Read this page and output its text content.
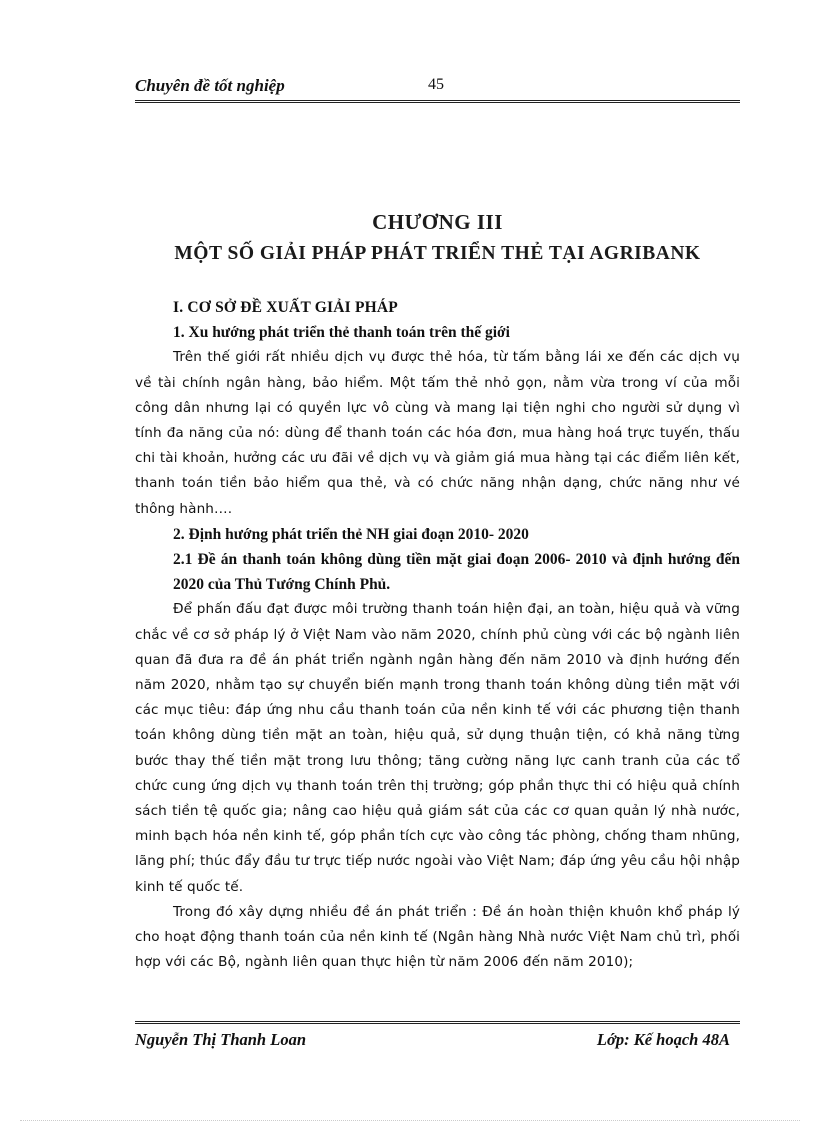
Chuyên đề tốt nghiệp	45
CHƯƠNG III
MỘT SỐ GIẢI PHÁP PHÁT TRIỂN THẺ TẠI AGRIBANK

I. CƠ SỞ ĐỀ XUẤT GIẢI PHÁP

1. Xu hướng phát triển thẻ thanh toán trên thế giới

Trên thế giới rất nhiều dịch vụ được thẻ hóa, từ tấm bằng lái xe đến các dịch vụ về tài chính ngân hàng, bảo hiểm. Một tấm thẻ nhỏ gọn, nằm vừa trong ví của mỗi công dân nhưng lại có quyền lực vô cùng và mang lại tiện nghi cho người sử dụng vì tính đa năng của nó: dùng để thanh toán các hóa đơn, mua hàng hoá trực tuyến, thấu chi tài khoản, hưởng các ưu đãi về dịch vụ và giảm giá mua hàng tại các điểm liên kết, thanh toán tiền bảo hiểm qua thẻ, và có chức năng nhận dạng, chức năng như vé thông hành….

2. Định hướng phát triển thẻ NH giai đoạn 2010- 2020

2.1 Đề án thanh toán không dùng tiền mặt giai đoạn 2006- 2010 và định hướng đến 2020 của Thủ Tướng Chính Phủ.

Để phấn đấu đạt được môi trường thanh toán hiện đại, an toàn, hiệu quả và vững chắc về cơ sở pháp lý ở Việt Nam vào năm 2020, chính phủ cùng với các bộ ngành liên quan đã đưa ra đề án phát triển ngành ngân hàng đến năm 2010 và định hướng đến năm 2020, nhằm tạo sự chuyển biến mạnh trong thanh toán không dùng tiền mặt với các mục tiêu: đáp ứng nhu cầu thanh toán của nền kinh tế với các phương tiện thanh toán không dùng tiền mặt an toàn, hiệu quả, sử dụng thuận tiện, có khả năng từng bước thay thế tiền mặt trong lưu thông; tăng cường năng lực canh tranh của các tổ chức cung ứng dịch vụ thanh toán trên thị trường; góp phần thực thi có hiệu quả chính sách tiền tệ quốc gia; nâng cao hiệu quả giám sát của các cơ quan quản lý nhà nước, minh bạch hóa nền kinh tế, góp phần tích cực vào công tác phòng, chống tham nhũng, lãng phí; thúc đẩy đầu tư trực tiếp nước ngoài vào Việt Nam; đáp ứng yêu cầu hội nhập kinh tế quốc tế.

Trong đó xây dựng nhiều đề án phát triển : Đề án hoàn thiện khuôn khổ pháp lý cho hoạt động thanh toán của nền kinh tế (Ngân hàng Nhà nước Việt Nam chủ trì, phối hợp với các Bộ, ngành liên quan thực hiện từ năm 2006 đến năm 2010);

Nguyễn Thị Thanh Loan	Lớp: Kế hoạch 48A
